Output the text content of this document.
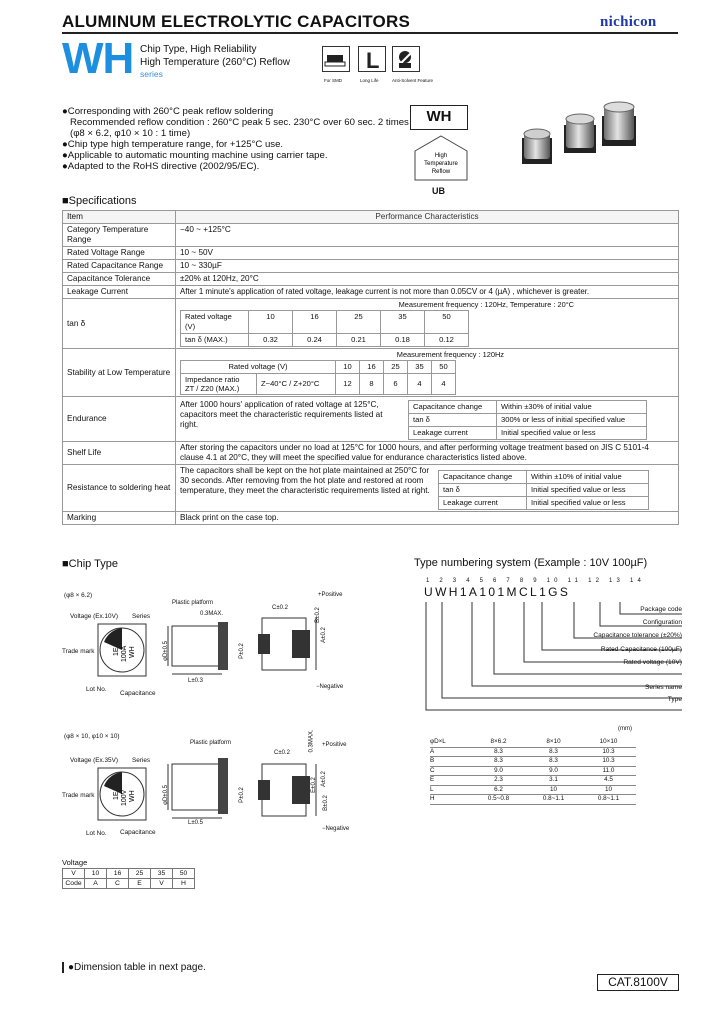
ALUMINUM ELECTROLYTIC CAPACITORS	nichicon
WH Chip Type, High Reliability
High Temperature (260°C) Reflow
series
L
For SMD	Long Life	Anti-Solvent Feature
●Corresponding with 260°C peak reflow soldering
Recommended reflow condition : 260°C peak 5 sec. 230°C over 60 sec. 2 times
(φ8 × 6.2, φ10 × 10 : 1 time)
●Chip type high temperature range, for +125°C use.
●Applicable to automatic mounting machine using carrier tape.
●Adapted to the RoHS directive (2002/95/EC).
WH
High
Temperature
Reflow
UB
■Specifications
Item	Performance Characteristics
Category Temperature Range	−40 ~ +125°C
Rated Voltage Range	10 ~ 50V
Rated Capacitance Range	10 ~ 330µF
Capacitance Tolerance	±20% at 120Hz, 20°C
Leakage Current	After 1 minute's application of rated voltage, leakage current is not more than 0.05CV or 4 (µA) , whichever is greater.
tan δ	
Measurement frequency : 120Hz, Temperature : 20°C
Rated voltage (V)	10	16	25	35	50
tan δ (MAX.)	0.32	0.24	0.21	0.18	0.12

Stability at Low Temperature	
Measurement frequency : 120Hz
Rated voltage (V)	10	16	25	35	50

Impedance ratio
ZT / Z20 (MAX.)
	Z−40°C / Z+20°C	12	8	6	4	4

Endurance	
After 1000 hours' application of rated voltage at 125°C, capacitors meet the characteristic requirements listed at right.
Capacitance change	Within ±30% of initial value
tan δ	300% or less of initial specified value
Leakage current	Initial specified value or less

Shelf Life	After storing the capacitors under no load at 125°C for 1000 hours, and after performing voltage treatment based on JIS C 5101-4 clause 4.1 at 20°C, they will meet the specified value for endurance characteristics listed above.
Resistance to soldering heat	
The capacitors shall be kept on the hot plate maintained at 250°C for 30 seconds. After removing from the hot plate and restored at room temperature, they meet the characteristic requirements listed at right.
Capacitance change	Within ±10% of initial value
tan δ	Initial specified value or less
Leakage current	Initial specified value or less

Marking	Black print on the case top.
■Chip Type
(φ8 × 6.2)
Voltage (Ex.10V) Series
Trade mark
Lot No.
Capacitance
1E 100A WH
Plastic platform
0.3MAX.
φD±0.5
L±0.3
C±0.2
P±0.2
A±0.2
B±0.2
+Positive
−Negative
(φ8 × 10, φ10 × 10)
Voltage (Ex.35V) Series
Trade mark
Lot No. Capacitance
1E 100V WH
Plastic platform	0.3MAX.
φD±0.5
L±0.5
C±0.2
P±0.2
A±0.2
E±0.2
B±0.2
+Positive
−Negative
Voltage
V	10	16	25	35	50
Code	A	C	E	V	H
Type numbering system (Example : 10V 100µF)
1 2 3 4 5 6 7 8 9 10 11 12 13 14
UWH1A101MCL1GS
Package code
Configuration
Capacitance tolerance (±20%)
Rated Capacitance (100µF)
Rated voltage (10V)
Series name
Type
(mm)
φD×L	8×6.2	8×10	10×10
A	8.3	8.3	10.3
B	8.3	8.3	10.3
C	9.0	9.0	11.0
E	2.3	3.1	4.5
L	6.2	10	10
H	0.5~0.8	0.8~1.1	0.8~1.1
●Dimension table in next page.
CAT.8100V
